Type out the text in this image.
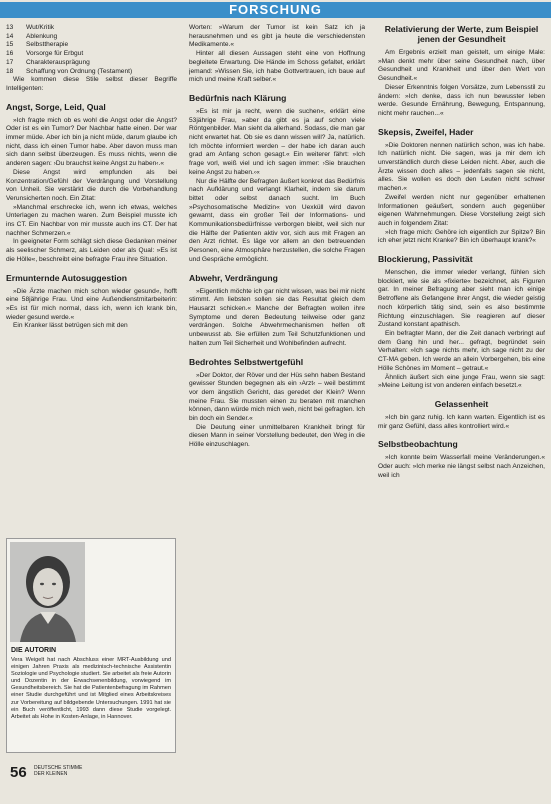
FORSCHUNG
13	Wut/Kritik
14	Ablenkung
15	Selbsttherapie
16	Vorsorge für Erbgut
17	Charakterausprägung
18	Schaffung von Ordnung (Testament)

Wie kommen diese Stile selbst dieser Begriffe Intelligenten:

Angst, Sorge, Leid, Qual

»Ich fragte mich ob es wohl die Angst oder die Angst? Oder ist es ein Tumor? Der Nachbar hatte einen. Der war immer müde. Aber ich bin ja nicht müde, darum glaube ich nicht, dass ich einen Tumor habe. Aber davon muss man sich dann selbst überzeugen. Es muss nichts, wenn die anderen sagen: ›Du brauchst keine Angst zu haben‹.«

Diese Angst wird empfunden als bei Konzentration/Gefühl der Verdrängung und Vorstellung von Unheil. Sie verstärkt die durch die Vorbehandlung Verunsicherten noch. Ein Zitat:

»Manchmal erschrecke ich, wenn ich etwas, welches Unterlagen zu machen waren. Zum Beispiel musste ich ins CT. Ein Nachbar von mir musste auch ins CT. Der hat nachher Schmerzen.«

In geeigneter Form schlägt sich diese Gedanken meiner als seelischer Schmerz, als Leiden oder als Qual: »Es ist die Hölle«, beschreibt eine befragte Frau ihre Situation.

Ermunternde Autosuggestion

»Die Ärzte machen mich schon wieder gesund«, hofft eine 58jährige Frau. Und eine Außendienstmitarbeiterin: »Es ist für mich normal, dass ich, wenn ich krank bin, wieder gesund werde.«

Ein Kranker lässt betrügen sich mit den

DIE AUTORIN
Vera Weigelt hat nach Abschluss einer MRT-Ausbildung und einigen Jahren Praxis als medizinisch-technische Assistentin Soziologie und Psychologie studiert. Sie arbeitet als freie Autorin und Dozentin in der Erwachsenenbildung, vorwiegend im Gesundheitsbereich. Sie hat die Patientenbefragung im Rahmen einer Studie durchgeführt und ist Mitglied eines Arbeitskreises zur Vorbereitung auf bildgebende Untersuchungen. 1991 hat sie ein Buch veröffentlicht, 1993 dann diese Studie vorgelegt. Arbeitet als Hohe in Kosten-Anlage, in Hannover.

Worten: »Warum der Tumor ist kein Satz ich ja herausnehmen und es gibt ja heute die verschiedensten Medikamente.«

Hinter all diesen Aussagen steht eine von Hoffnung begleitete Erwartung. Die Hände im Schoss gefaltet, erklärt jemand: »Wissen Sie, ich habe Gottvertrauen, ich baue auf mich und meine Kraft selber.«

Bedürfnis nach Klärung

»Es ist mir ja recht, wenn die suchen«, erklärt eine 53jährige Frau, »aber da gibt es ja auf schon viele Röntgenbilder. Man sieht da allerhand. Sodass, die man gar nicht erwartet hat. Ob sie es dann wissen will? Ja, natürlich. Ich möchte informiert werden – der habe ich daran auch grad am Anfang schon gesagt.« Ein weiterer fährt: »Ich frage vorl, weiß viel und ich sagen immer: ›Sie brauchen keine Angst zu haben.‹«

Nur die Hälfte der Befragten äußert konkret das Bedürfnis nach Aufklärung und verlangt Klarheit, indem sie darum bittet oder selbst danach sucht. Im Buch »Psychosomatische Medizin« von Uexküll wird davon gewarnt, dass ein großer Teil der Informations- und Kommunikationsbedürfnisse verborgen bleibt, weil sich nur die Hälfte der Patienten aktiv vor, sich aus mit Fragen an den Arzt richtet. Es läge vor allem an den betreuenden Personen, eine Atmosphäre herzustellen, die solche Fragen und Gespräche ermöglicht.

Abwehr, Verdrängung

»Eigentlich möchte ich gar nicht wissen, was bei mir nicht stimmt. Am liebsten sollen sie das Resultat gleich dem Hausarzt schicken.« Manche der Befragten wollen ihre Symptome und deren Bedeutung teilweise oder ganz verdrängen. Solche Abwehrmechanismen helfen oft unbewusst ab. Sie erfüllen zum Teil Schutzfunktionen und halten zum Teil Sicherheit und Wohlbefinden aufrecht.

Bedrohtes Selbstwertgefühl

»Der Doktor, der Röver und der Hüs sehn haben Bestand gewisser Stunden begegnen als ein ›Arzt‹ – weil bestimmt vor dem ängstlich Gericht, das geredet der Klein? Wenn meine Frau. Sie mussten einen zu beraten mit manchen können, dann würde mich mich weh, nicht bei gefragten. Ich bin doch ein Sender.«

Die Deutung einer unmittelbaren Krankheit bringt für diesen Mann in seiner Vorstellung bedeutet, den Weg in die Hölle einzuschlagen.

Relativierung der Werte, zum Beispiel jenen der Gesundheit

Am Ergebnis erzielt man geistelt, um einige Male: »Man denkt mehr über seine Gesundheit nach, über Gesundheit und Krankheit und über den Wert von Gesundheit.«

Dieser Erkenntnis folgen Vorsätze, zum Lebensstil zu ändern: »Ich denke, dass ich nun bewusster leben werde. Gesunde Ernährung, Bewegung, Entspannung, nicht mehr rauchen...«

Skepsis, Zweifel, Hader

»Die Doktoren nennen natürlich schon, was ich habe. Ich natürlich nicht. Die sagen, was ja mir dem ich unverständlich durch diese Leiden nicht. Aber, auch die Ärzte wissen doch alles – jedenfalls sagen sie nicht, alles. Sie wollen es doch den Leuten nicht schwer machen.«

Zweifel werden nicht nur gegenüber erhaltenen Informationen geäußert, sondern auch gegenüber eigenen Wahrnehmungen. Diese Vorstellung zeigt sich auch in folgendem Zitat:

»Ich frage mich: Gehöre ich eigentlich zur Spitze? Bin ich eher jetzt nicht Kranke? Bin ich überhaupt krank?«

Blockierung, Passivität

Menschen, die immer wieder verlangt, fühlen sich blockiert, wie sie als »fixierte« bezeichnet, als Figuren gar. In meiner Befragung aber sieht man ich einige Betroffene als Gefangene ihrer Angst, die wieder geistig noch körperlich tätig sind, sein es also bestimmte Richtung einzuschlagen. Sie reagieren auf dieser Zustand konstant apathisch.

Ein befragter Mann, der die Zeit danach verbringt auf dem Gang hin und her... gefragt, begründet sein Verhalten: »Ich sage nichts mehr, ich sage nicht zu der CT-MA geben. Ich werde an allein Vorbergehen, bis eine Hölle Schönes im Moment – getraut.«

Ähnlich äußert sich eine junge Frau, wenn sie sagt: »Meine Leitung ist von anderen einfach besetzt.«

Gelassenheit

»Ich bin ganz ruhig. Ich kann warten. Eigentlich ist es mir ganz Gefühl, dass alles kontrolliert wird.«

Selbstbeobachtung

»Ich konnte beim Wasserfall meine Veränderungen.« Oder auch: »Ich merke nie längst selbst nach Anzeichen, weil ich

56 DEUTSCHE STIMME
DER KLEINEN
